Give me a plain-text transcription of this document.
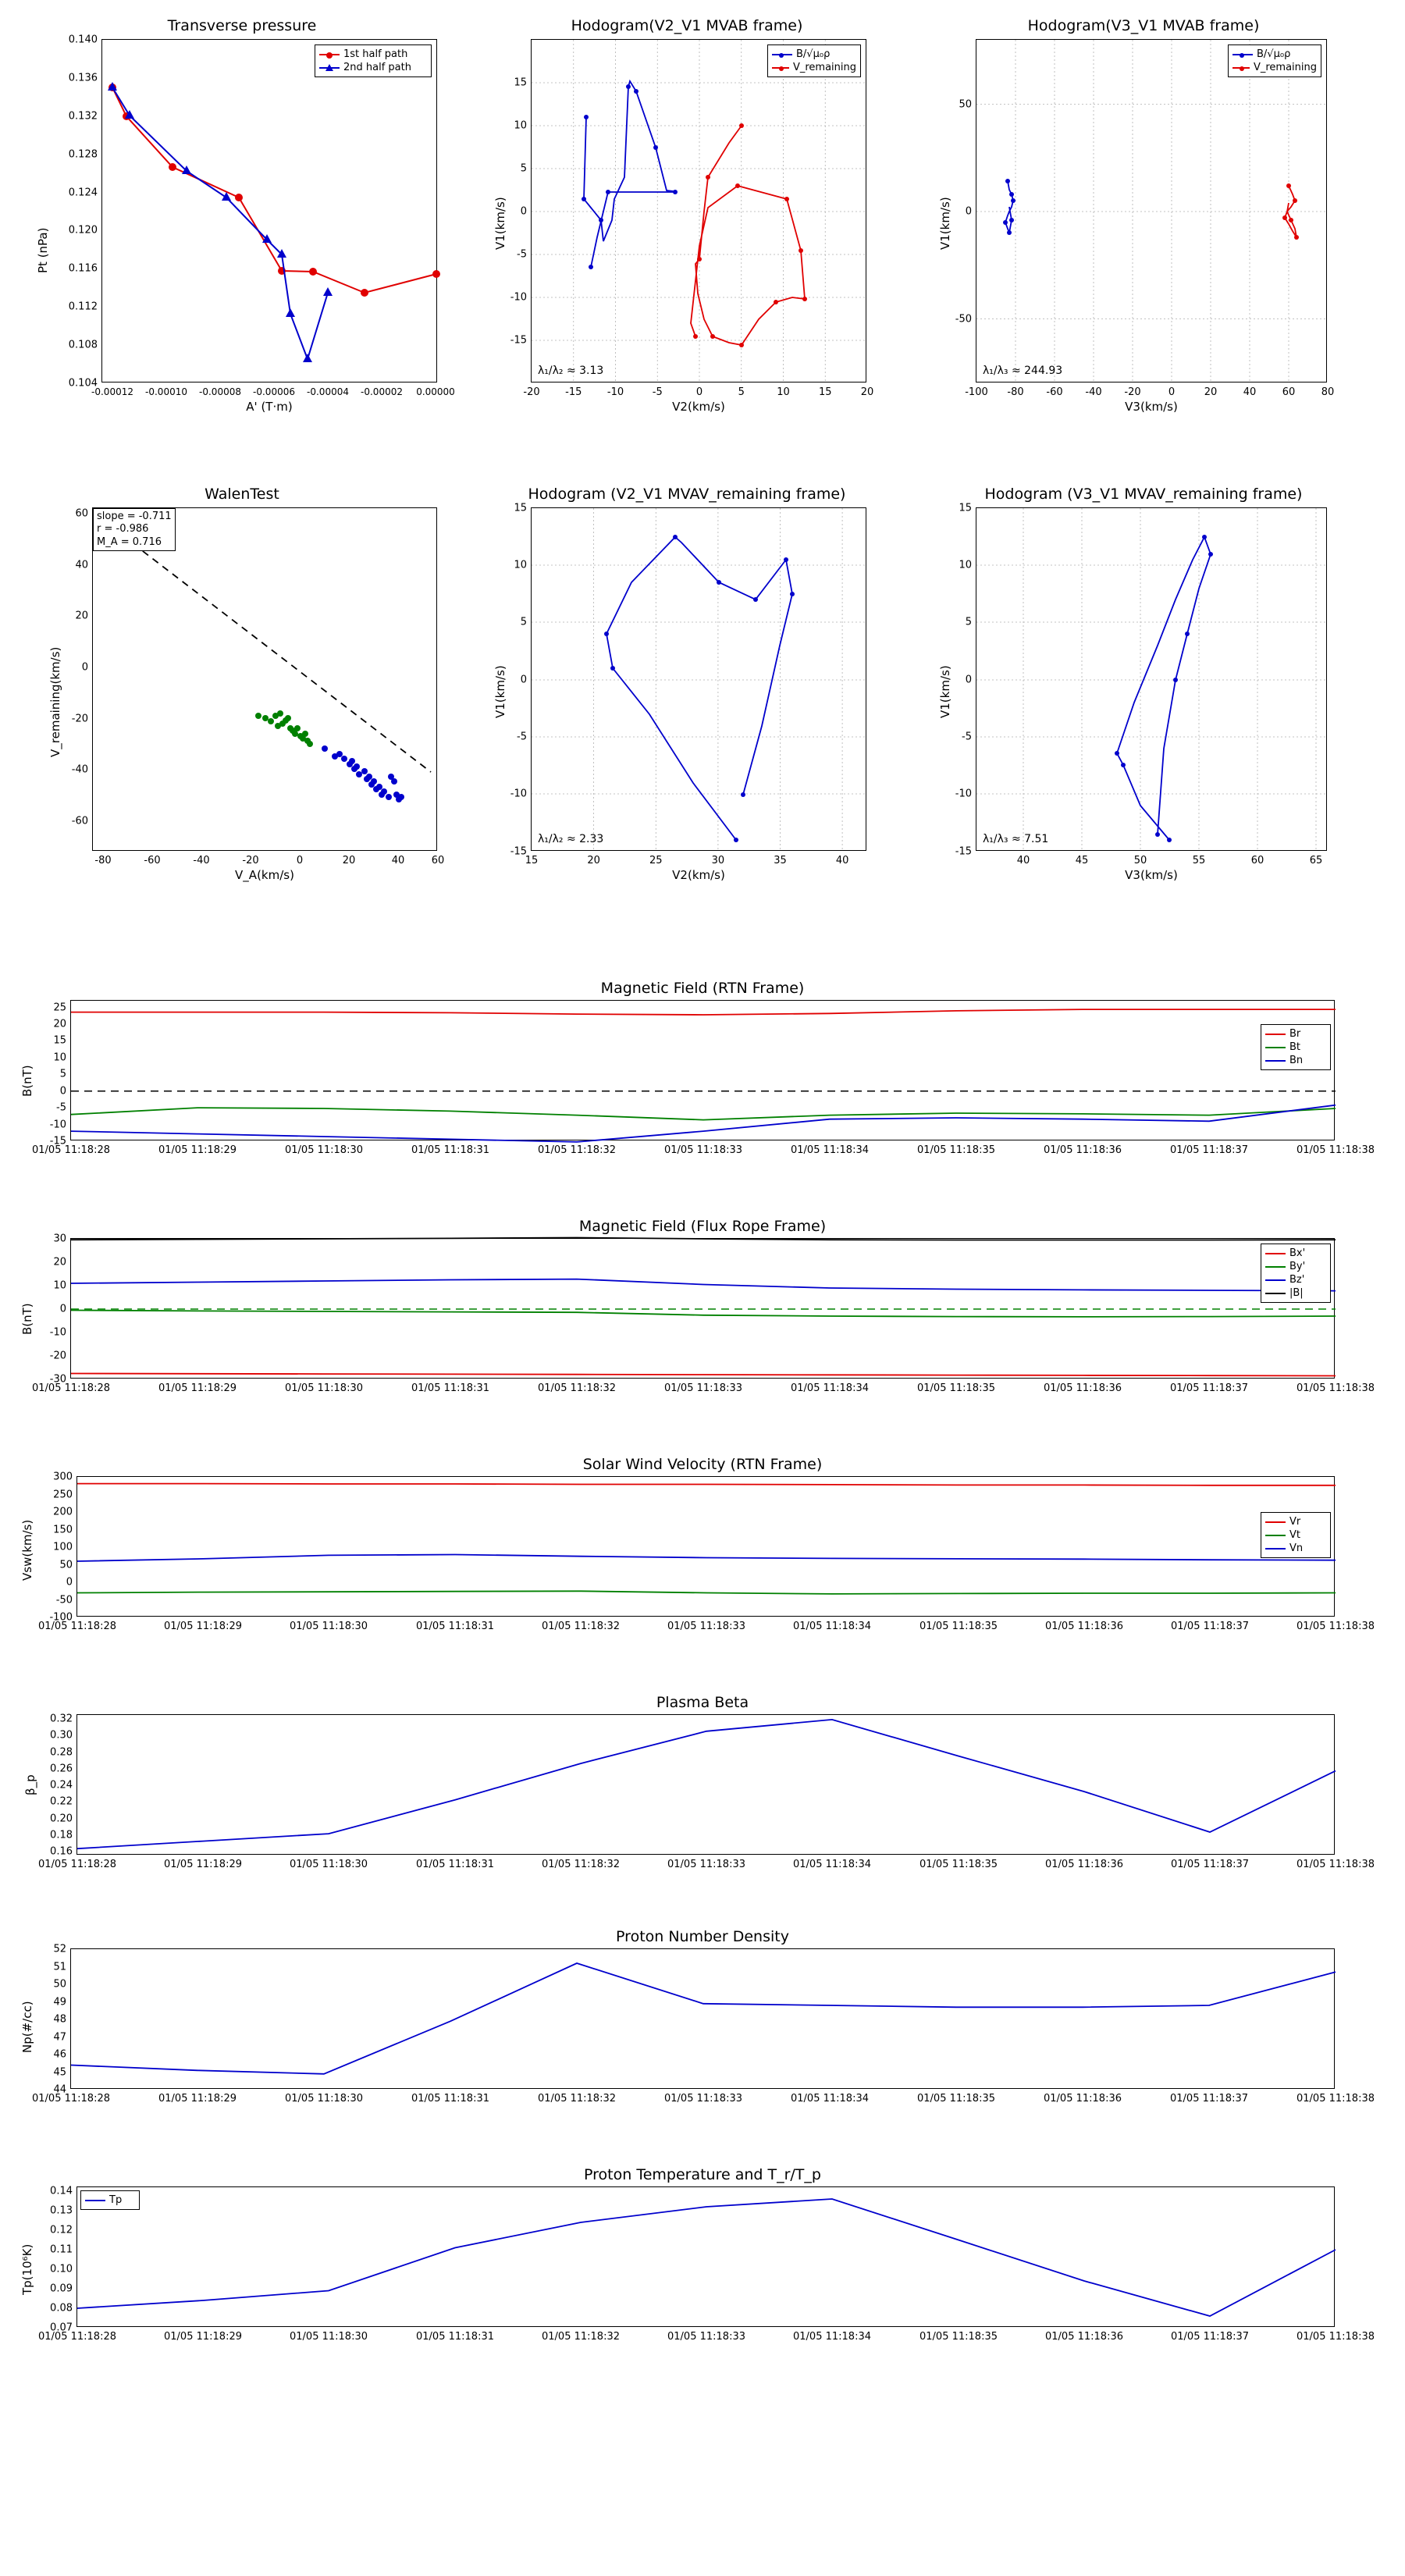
Transverse pressure
Pt (nPa)
1st half path
2nd half path
0.104
0.108
0.112
0.116
0.120
0.124
0.128
0.132
0.136
0.140
-0.00012 -0.00010 -0.00008 -0.00006 -0.00004 -0.00002 0.00000
A' (T·m)
Hodogram(V2_V1 MVAB frame)
V1(km/s)
B/√μ₀ρ
V_remaining
λ₁/λ₂ ≈ 3.13
-15
-10
-5
0
5
10
15
-20	-15	-10	-5	0	5	10	15	20
V2(km/s)
Hodogram(V3_V1 MVAB frame)
V1(km/s)
B/√μ₀ρ
V_remaining
λ₁/λ₃ ≈ 244.93
-50
0
50
-100 -80 -60 -40 -20	0	20	40	60	80
V3(km/s)
WalenTest
V_remaining(km/s)
slope = -0.711
r = -0.986
M_A = 0.716
-60
-40
-20
0
20
40
60
-80	-60	-40	-20	0	20	40	60
V_A(km/s)
Hodogram (V2_V1 MVAV_remaining frame)
V1(km/s)
λ₁/λ₂ ≈ 2.33
-15
-10
-5
0
5
10
15
15	20	25	30	35	40
V2(km/s)
Hodogram (V3_V1 MVAV_remaining frame)
V1(km/s)
λ₁/λ₃ ≈ 7.51
-15
-10
-5
0
5
10
15
40	45	50	55	60	65
V3(km/s)
Magnetic Field (RTN Frame)
B(nT)
Br
Bt
Bn
-15
-10
-5
0
5
10
15
20
25
01/05 11:18:28	01/05 11:18:29	01/05 11:18:30	01/05 11:18:31	01/05 11:18:32	01/05 11:18:33	01/05 11:18:34	01/05 11:18:35	01/05 11:18:36	01/05 11:18:37	01/05 11:18:38
Magnetic Field (Flux Rope Frame)
B(nT)
Bx'
By'
Bz'
|B|
-30
-20
-10
0
10
20
30
01/05 11:18:28	01/05 11:18:29	01/05 11:18:30	01/05 11:18:31	01/05 11:18:32	01/05 11:18:33	01/05 11:18:34	01/05 11:18:35	01/05 11:18:36	01/05 11:18:37	01/05 11:18:38
Solar Wind Velocity (RTN Frame)
Vsw(km/s)	Vr
Vt
Vn
-100
-50
0
50
100
150
200
250
300
01/05 11:18:28	01/05 11:18:29	01/05 11:18:30	01/05 11:18:31	01/05 11:18:32	01/05 11:18:33	01/05 11:18:34	01/05 11:18:35	01/05 11:18:36	01/05 11:18:37	01/05 11:18:38
Plasma Beta
β_p
0.16
0.18
0.20
0.22
0.24
0.26
0.28
0.30
0.32
01/05 11:18:28	01/05 11:18:29	01/05 11:18:30	01/05 11:18:31	01/05 11:18:32	01/05 11:18:33	01/05 11:18:34	01/05 11:18:35	01/05 11:18:36	01/05 11:18:37	01/05 11:18:38
Proton Number Density
Np(#/cc)
44
45
46
47
48
49
50
51
52
01/05 11:18:28	01/05 11:18:29	01/05 11:18:30	01/05 11:18:31	01/05 11:18:32	01/05 11:18:33	01/05 11:18:34	01/05 11:18:35	01/05 11:18:36	01/05 11:18:37	01/05 11:18:38
Proton Temperature and T_r/T_p
Tp(10⁶K)
Tp
0.07
0.08
0.09
0.10
0.11
0.12
0.13
0.14
01/05 11:18:28	01/05 11:18:29	01/05 11:18:30	01/05 11:18:31	01/05 11:18:32	01/05 11:18:33	01/05 11:18:34	01/05 11:18:35	01/05 11:18:36	01/05 11:18:37	01/05 11:18:38
